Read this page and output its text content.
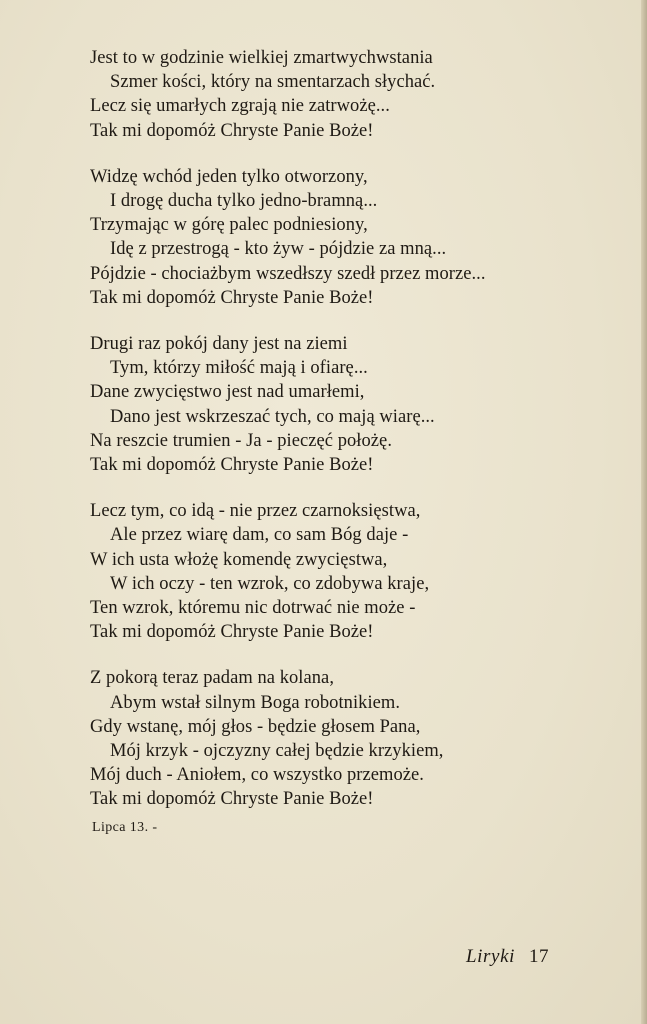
Jest to w godzinie wielkiej zmartwychwstania
Szmer kości, który na smentarzach słychać.
Lecz się umarłych zgrają nie zatrwożę...
Tak mi dopomóż Chryste Panie Boże!
Widzę wchód jeden tylko otworzony,
I drogę ducha tylko jedno-bramną...
Trzymając w górę palec podniesiony,
Idę z przestrogą - kto żyw - pójdzie za mną...
Pójdzie - chociażbym wszedłszy szedł przez morze...
Tak mi dopomóż Chryste Panie Boże!
Drugi raz pokój dany jest na ziemi
Tym, którzy miłość mają i ofiarę...
Dane zwycięstwo jest nad umarłemi,
Dano jest wskrzeszać tych, co mają wiarę...
Na reszcie trumien - Ja - pieczęć położę.
Tak mi dopomóż Chryste Panie Boże!
Lecz tym, co idą - nie przez czarnoksięstwa,
Ale przez wiarę dam, co sam Bóg daje -
W ich usta włożę komendę zwycięstwa,
W ich oczy - ten wzrok, co zdobywa kraje,
Ten wzrok, któremu nic dotrwać nie może -
Tak mi dopomóż Chryste Panie Boże!
Z pokorą teraz padam na kolana,
Abym wstał silnym Boga robotnikiem.
Gdy wstanę, mój głos - będzie głosem Pana,
Mój krzyk - ojczyzny całej będzie krzykiem,
Mój duch - Aniołem, co wszystko przemoże.
Tak mi dopomóż Chryste Panie Boże!
Lipca 13. -
Liryki 17
